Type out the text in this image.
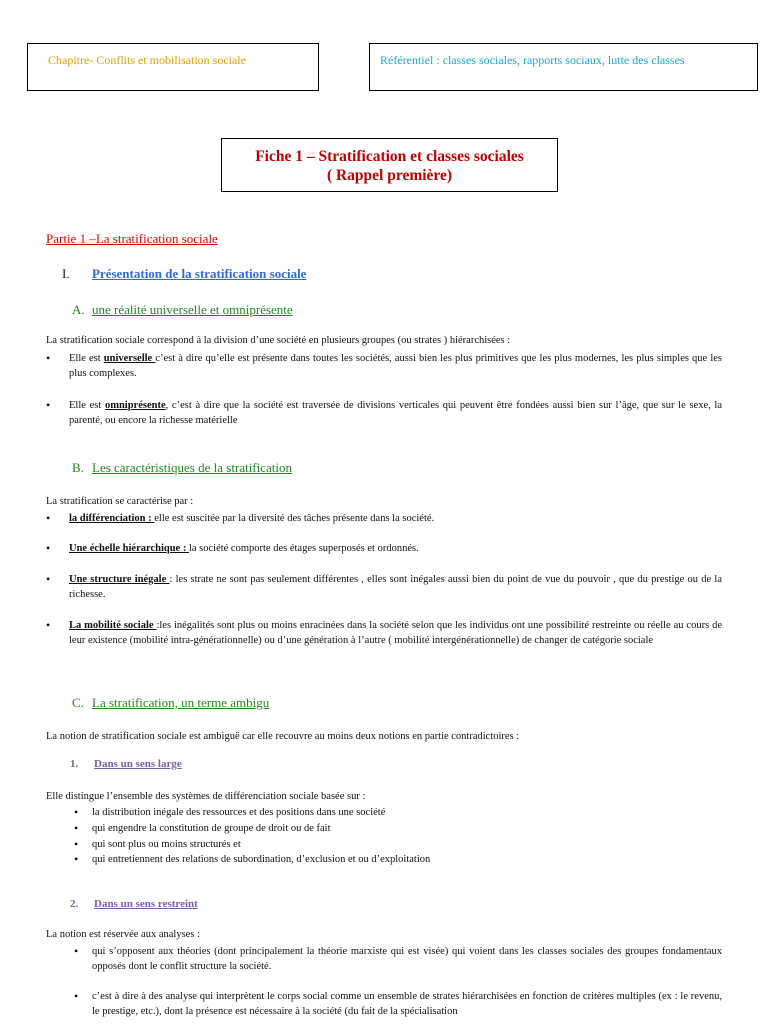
Chapitre- Conflits et mobilisation sociale	Référentiel : classes sociales, rapports sociaux, lutte des classes
Fiche 1 – Stratification et classes sociales
( Rappel première)
Partie 1 –La stratification sociale
I. Présentation de la stratification sociale
A. une réalité universelle et omniprésente
La stratification sociale correspond à la division d’une société en plusieurs groupes (ou strates ) hiérarchisées :
• Elle est universelle c’est à dire qu’elle est présente dans toutes les sociétés, aussi bien les plus primitives que les plus modernes, les plus simples que les plus complexes.
• Elle est omniprésente, c’est à dire que la société est traversée de divisions verticales qui peuvent être fondées aussi bien sur l’âge, que sur le sexe, la parenté, ou encore la richesse matérielle
B. Les caractéristiques de la stratification
La stratification se caractérise par :
• la différenciation : elle est suscitée par la diversité des tâches présente dans la société.
• Une échelle hiérarchique : la société comporte des étages superposés et ordonnés.
• Une structure inégale : les strate ne sont pas seulement différentes , elles sont inégales aussi bien du point de vue du pouvoir , que du prestige ou de la richesse.
• La mobilité sociale :les inégalités sont plus ou moins enracinées dans la société selon que les individus ont une possibilité restreinte ou réelle au cours de leur existence (mobilité intra-générationnelle) ou d’une génération à l’autre ( mobilité intergénérationnelle) de changer de catégorie sociale
C. La stratification, un terme ambigu
La notion de stratification sociale est ambiguë car elle recouvre au moins deux notions en partie contradictoires :
1. Dans un sens large
Elle distingue l’ensemble des systèmes de différenciation sociale basée sur :
• la distribution inégale des ressources et des positions dans une société
• qui engendre la constitution de groupe de droit ou de fait
• qui sont plus ou moins structurés et
• qui entretiennent des relations de subordination, d’exclusion et ou d’exploitation
2. Dans un sens restreint
La notion est réservée aux analyses :
• qui s’opposent aux théories (dont principalement la théorie marxiste qui est visée) qui voient dans les classes sociales des groupes fondamentaux opposés dont le conflit structure la société.
• c’est à dire à des analyse qui interprètent le corps social comme un ensemble de strates hiérarchisées en fonction de critères multiples (ex : le revenu, le prestige, etc.), dont la présence est nécessaire à la société (du fait de la spécialisation
